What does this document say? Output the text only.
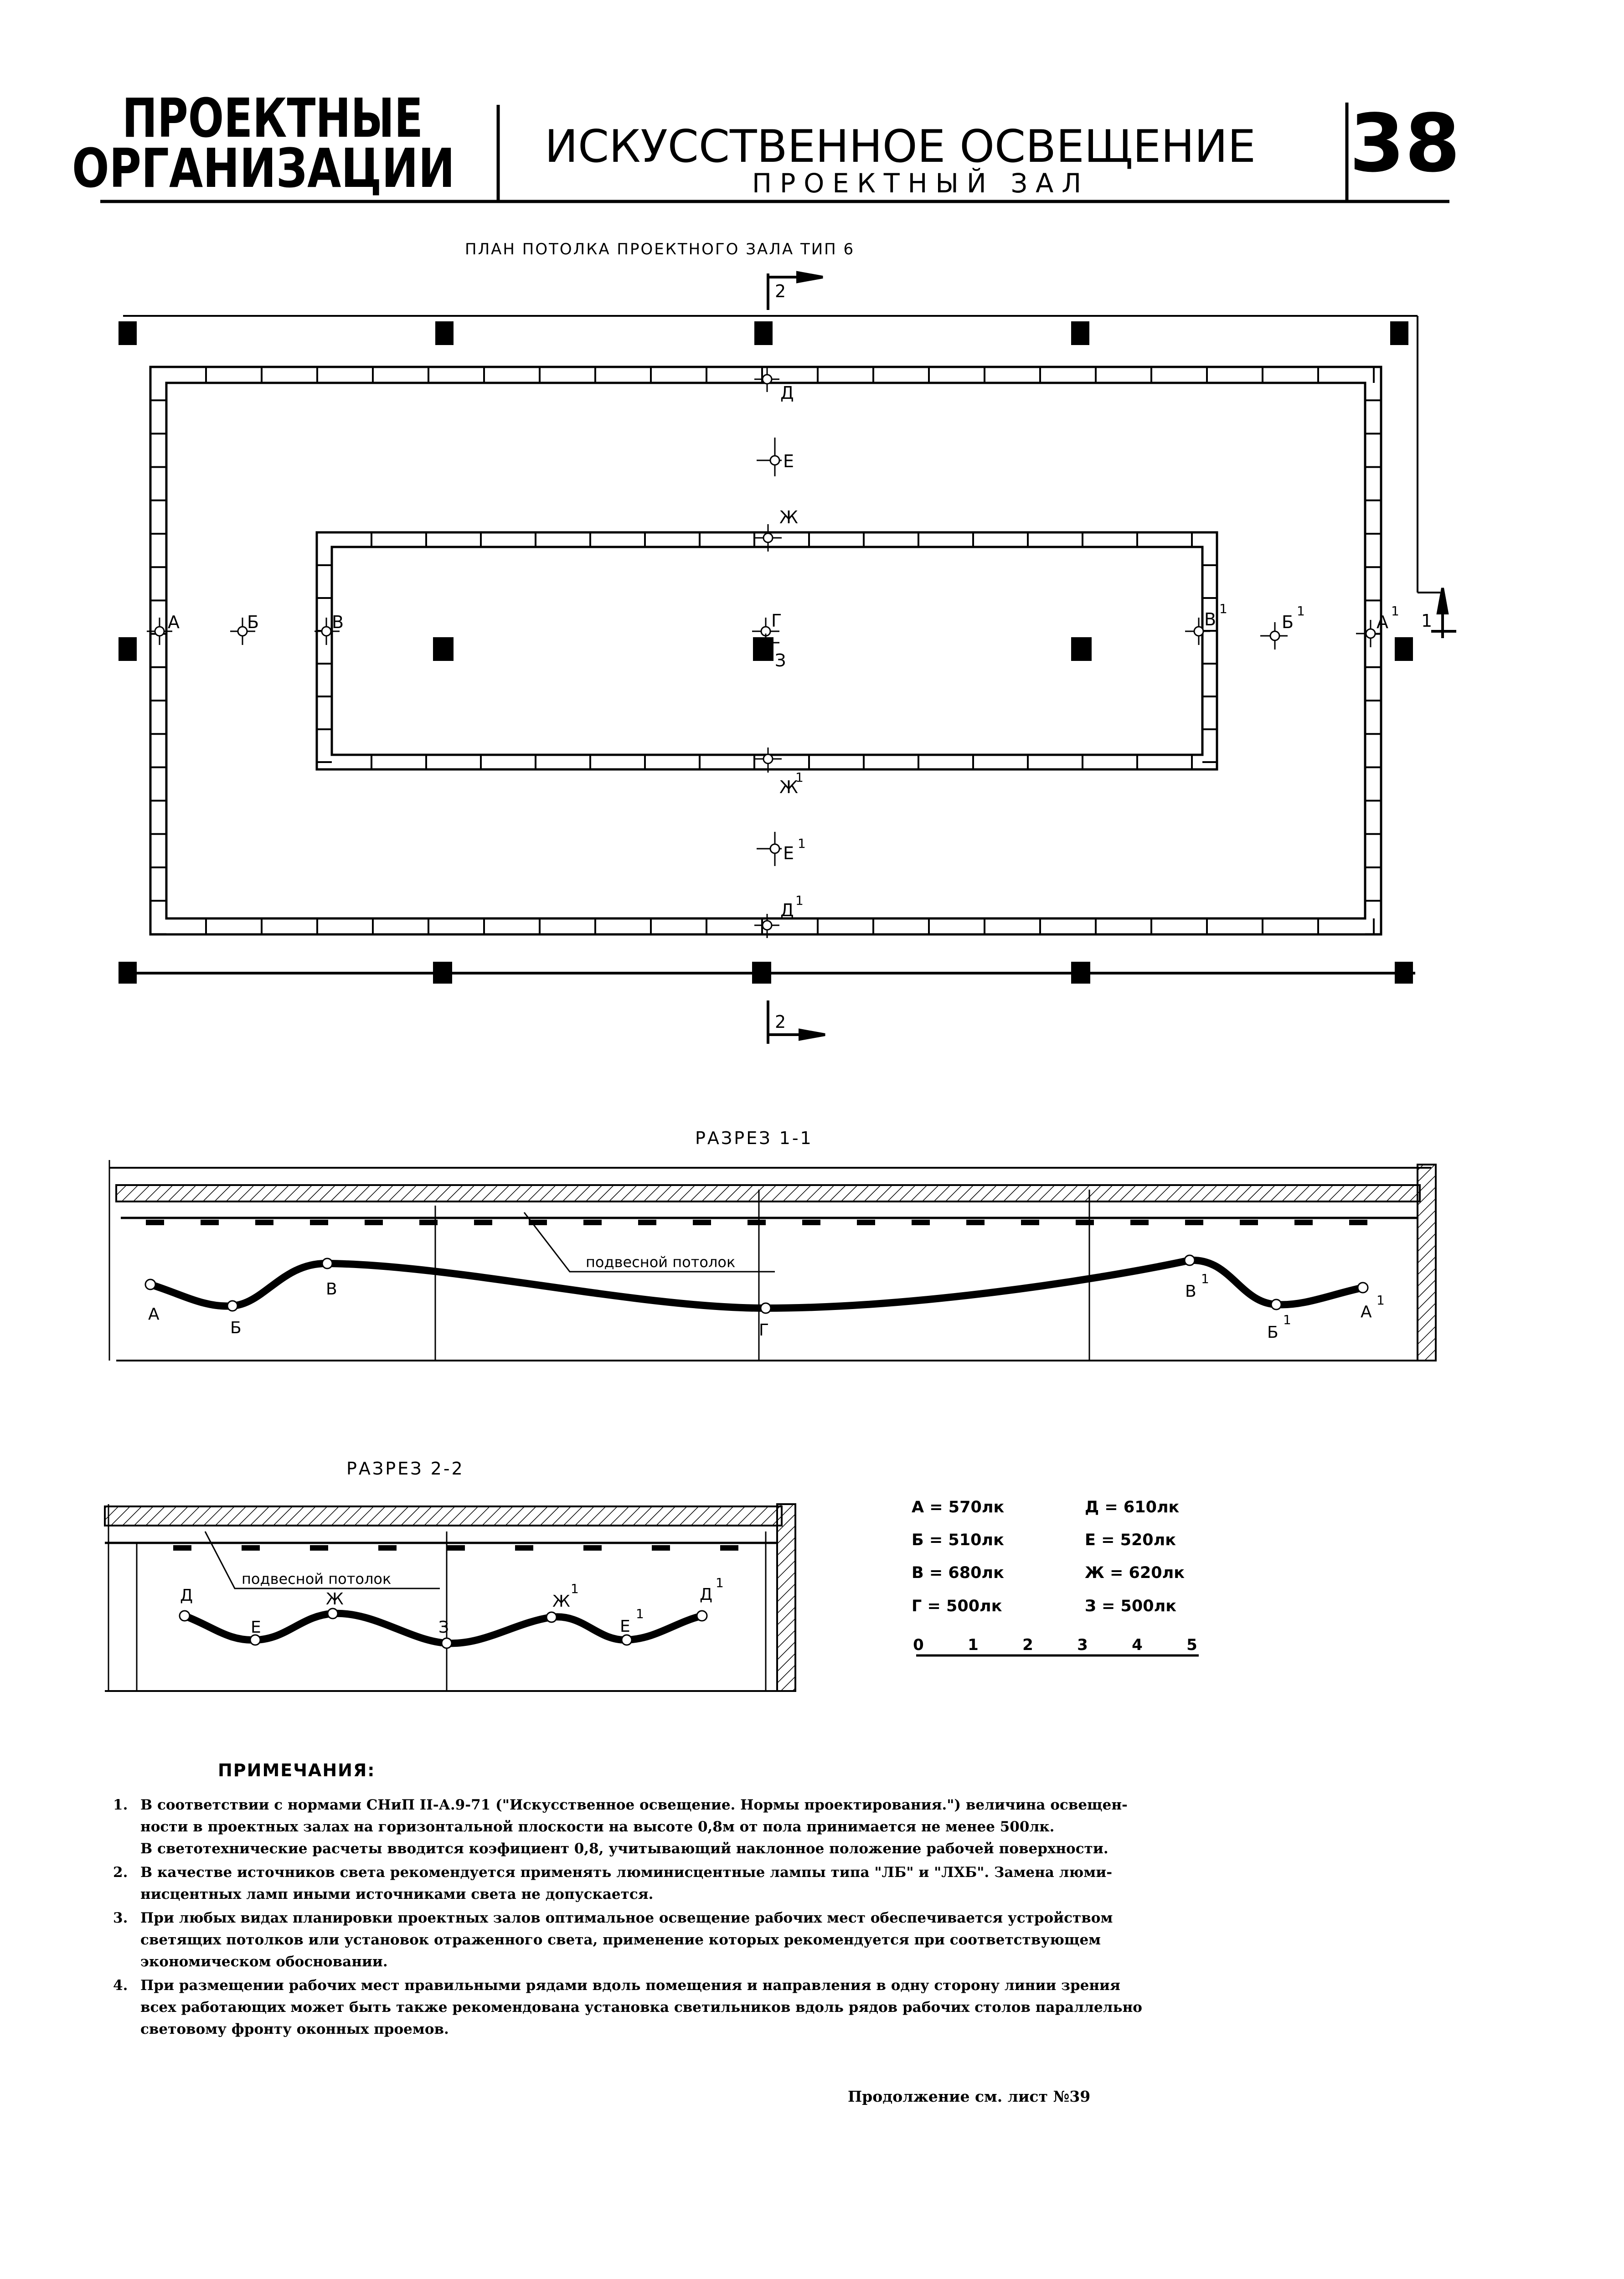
ПРОЕКТНЫЕ
ОРГАНИЗАЦИИ ИСКУССТВЕННОЕ ОСВЕЩЕНИЕ
ПРОЕКТНЫЙ ЗАЛ	38
ПЛАН ПОТОЛКА ПРОЕКТНОГО ЗАЛА ТИП 6
2
А	Б	В	Г
З
Д
Е
Ж
Ж
1
Е 1
Д 1
В
1
Б
1
А
1 1
2
РАЗРЕЗ 1-1
подвесной потолок
А
Б
В
Г
В
1
Б
1	А
1
РАЗРЕЗ 2-2
подвесной потолок
Д
Е
Ж
З
Ж
1
Е
1
Д
1
А = 570лк	Д = 610лк
Б = 510лк	Е = 520лк
В = 680лк	Ж = 620лк
Г = 500лк	З = 500лк
0	1	2	3	4	5
ПРИМЕЧАНИЯ:
1. В соответствии с нормами СНиП II-А.9-71 ("Искусственное освещение. Нормы проектирования.") величина освещен-
ности в проектных залах на горизонтальной плоскости на высоте 0,8м от пола принимается не менее 500лк.
В светотехнические расчеты вводится коэфициент 0,8, учитывающий наклонное положение рабочей поверхности.
2. В качестве источников света рекомендуется применять люминисцентные лампы типа "ЛБ" и "ЛХБ". Замена люми-
нисцентных ламп иными источниками света не допускается.
3. При любых видах планировки проектных залов оптимальное освещение рабочих мест обеспечивается устройством
светящих потолков или установок отраженного света, применение которых рекомендуется при соответствующем
экономическом обосновании.
4. При размещении рабочих мест правильными рядами вдоль помещения и направления в одну сторону линии зрения
всех работающих может быть также рекомендована установка светильников вдоль рядов рабочих столов параллельно
световому фронту оконных проемов.
Продолжение см. лист №39
